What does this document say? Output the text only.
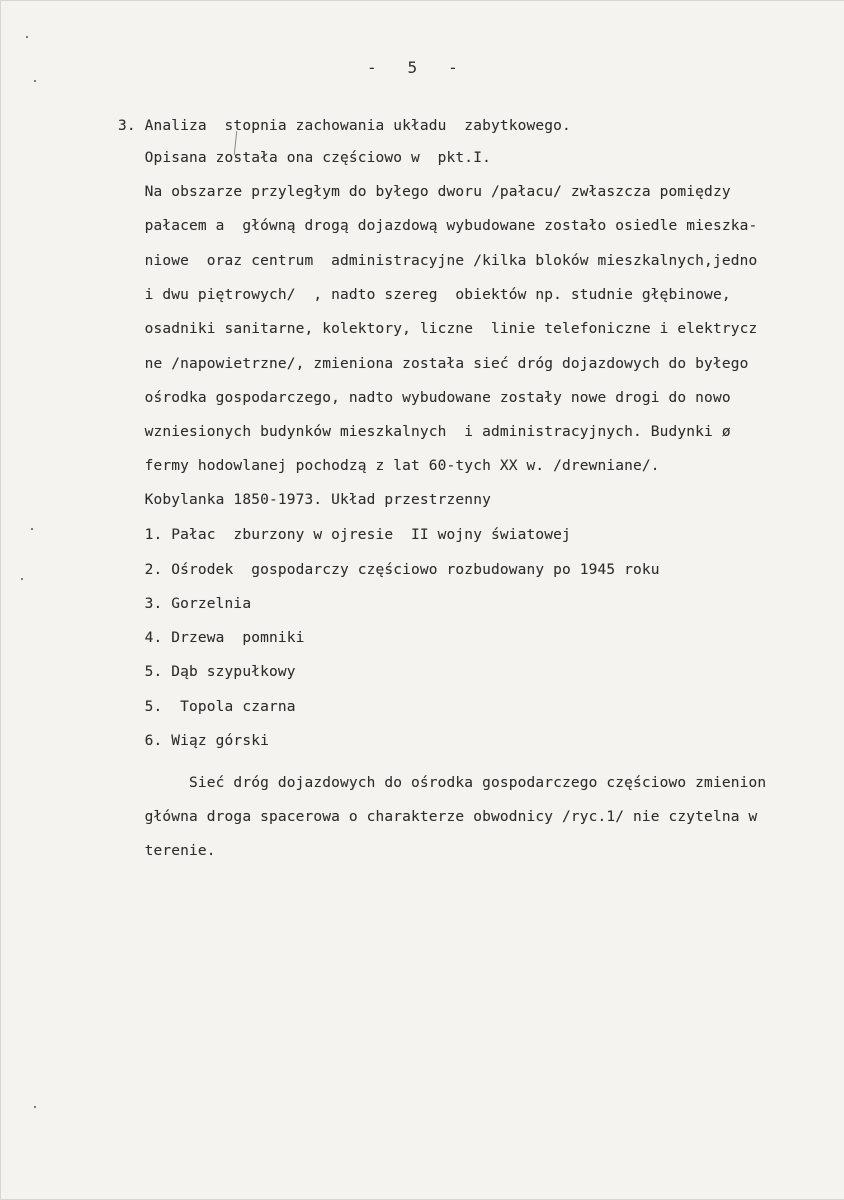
-   5   -
3. Analiza  stopnia zachowania układu  zabytkowego.
Opisana została ona częściowo w  pkt.I.
Na obszarze przyległym do byłego dworu /pałacu/ zwłaszcza pomiędzy
pałacem a  główną drogą dojazdową wybudowane zostało osiedle mieszka-
niowe  oraz centrum  administracyjne /kilka bloków mieszkalnych,jedno
i dwu piętrowych/  , nadto szereg  obiektów np. studnie głębinowe,
osadniki sanitarne, kolektory, liczne  linie telefoniczne i elektrycz
ne /napowietrzne/, zmieniona została sieć dróg dojazdowych do byłego
ośrodka gospodarczego, nadto wybudowane zostały nowe drogi do nowo
wzniesionych budynków mieszkalnych  i administracyjnych. Budynki ø
fermy hodowlanej pochodzą z lat 60-tych XX w. /drewniane/.
Kobylanka 1850-1973. Układ przestrzenny
1. Pałac  zburzony w ojresie  II wojny światowej
2. Ośrodek  gospodarczy częściowo rozbudowany po 1945 roku
3. Gorzelnia
4. Drzewa  pomniki
5. Dąb szypułkowy
5.  Topola czarna
6. Wiąz górski
Sieć dróg dojazdowych do ośrodka gospodarczego częściowo zmienion
główna droga spacerowa o charakterze obwodnicy /ryc.1/ nie czytelna w
terenie.
